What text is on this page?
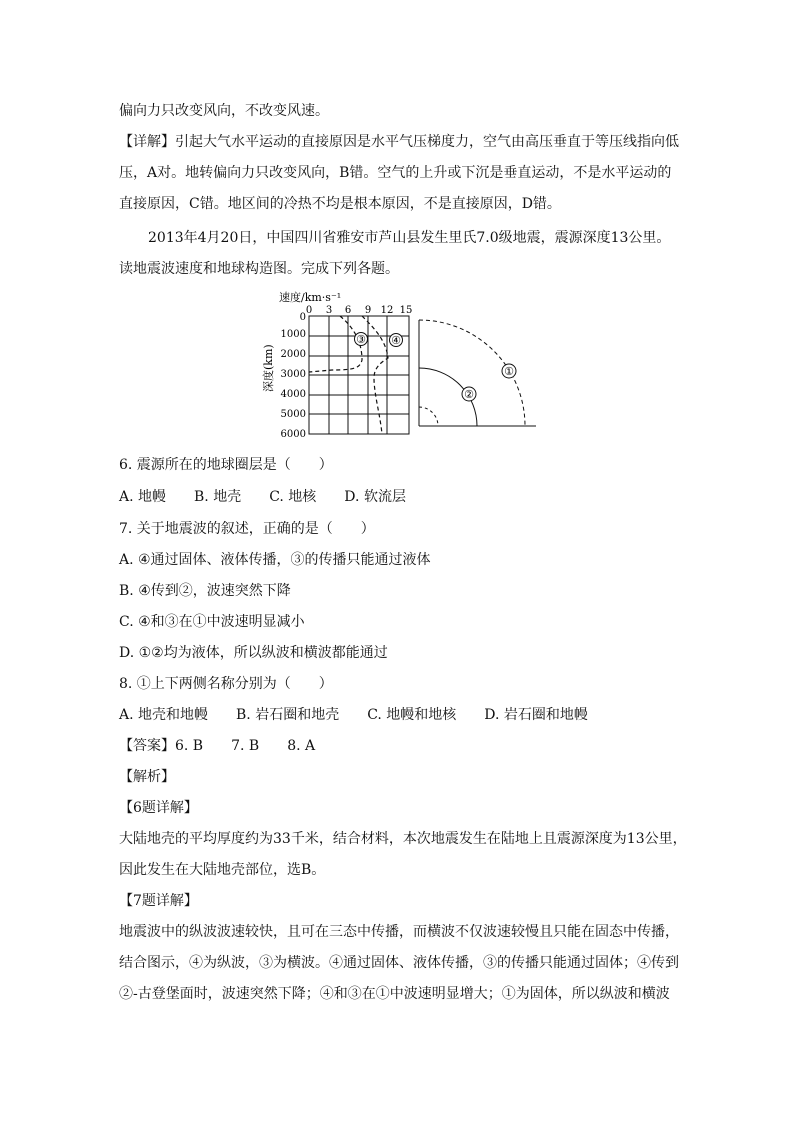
偏向力只改变风向，不改变风速。
【详解】引起大气水平运动的直接原因是水平气压梯度力，空气由高压垂直于等压线指向低
压，A对。地转偏向力只改变风向，B错。空气的上升或下沉是垂直运动，不是水平运动的
直接原因，C错。地区间的冷热不均是根本原因，不是直接原因，D错。
2013年4月20日，中国四川省雅安市芦山县发生里氏7.0级地震，震源深度13公里。
读地震波速度和地球构造图。完成下列各题。
速度/km·s⁻¹
深度(km)
0 3 6 9 12 15
0
1000
2000
3000
4000
5000
6000
③ ④
①
②
6. 震源所在的地球圈层是（　　）
A. 地幔　　B. 地壳　　C. 地核　　D. 软流层
7. 关于地震波的叙述，正确的是（　　）
A. ④通过固体、液体传播，③的传播只能通过液体
B. ④传到②，波速突然下降
C. ④和③在①中波速明显减小
D. ①②均为液体，所以纵波和横波都能通过
8. ①上下两侧名称分别为（　　）
A. 地壳和地幔　　B. 岩石圈和地壳　　C. 地幔和地核　　D. 岩石圈和地幔
【答案】6. B　　7. B　　8. A
【解析】
【6题详解】
大陆地壳的平均厚度约为33千米，结合材料，本次地震发生在陆地上且震源深度为13公里，
因此发生在大陆地壳部位，选B。
【7题详解】
地震波中的纵波波速较快，且可在三态中传播，而横波不仅波速较慢且只能在固态中传播，
结合图示，④为纵波，③为横波。④通过固体、液体传播，③的传播只能通过固体；④传到
②-古登堡面时，波速突然下降；④和③在①中波速明显增大；①为固体，所以纵波和横波
